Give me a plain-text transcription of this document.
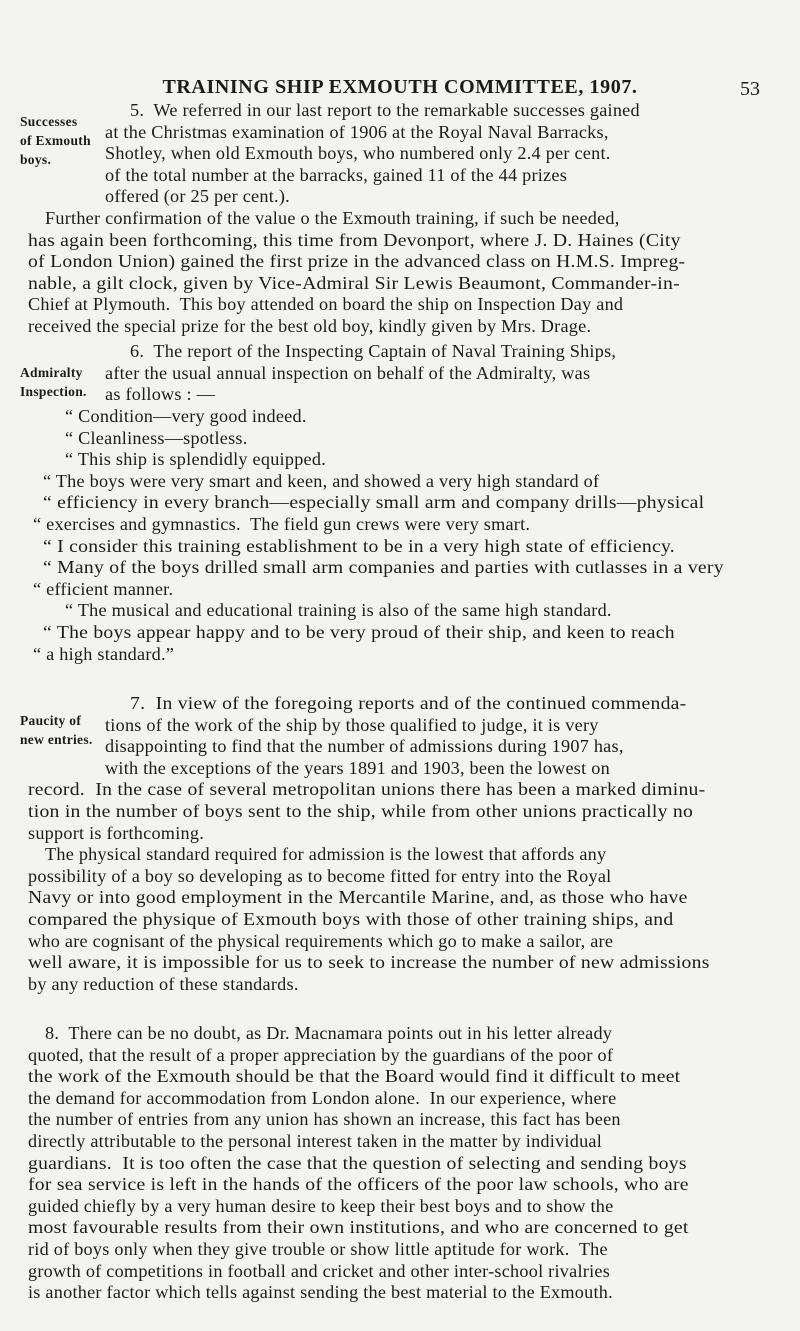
TRAINING SHIP EXMOUTH COMMITTEE, 1907.	53
5.  We referred in our last report to the remarkable successes gained
at the Christmas examination of 1906 at the Royal Naval Barracks,
Shotley, when old Exmouth boys, who numbered only 2.4 per cent.
of the total number at the barracks, gained 11 of the 44 prizes
offered (or 25 per cent.).
Further confirmation of the value o the Exmouth training, if such be needed,
has again been forthcoming, this time from Devonport, where J. D. Haines (City
of London Union) gained the first prize in the advanced class on H.M.S. Impreg-
nable, a gilt clock, given by Vice-Admiral Sir Lewis Beaumont, Commander-in-
Chief at Plymouth.  This boy attended on board the ship on Inspection Day and
received the special prize for the best old boy, kindly given by Mrs. Drage.
Successes
of Exmouth
boys.
6.  The report of the Inspecting Captain of Naval Training Ships,
after the usual annual inspection on behalf of the Admiralty, was
as follows : —
Admiralty
Inspection.
“ Condition—very good indeed.
“ Cleanliness—spotless.
“ This ship is splendidly equipped.
“ The boys were very smart and keen, and showed a very high standard of
“ efficiency in every branch—especially small arm and company drills—physical
“ exercises and gymnastics.  The field gun crews were very smart.
“ I consider this training establishment to be in a very high state of efficiency.
“ Many of the boys drilled small arm companies and parties with cutlasses in a very
“ efficient manner.
“ The musical and educational training is also of the same high standard.
“ The boys appear happy and to be very proud of their ship, and keen to reach
“ a high standard.”
7.  In view of the foregoing reports and of the continued commenda-
tions of the work of the ship by those qualified to judge, it is very
disappointing to find that the number of admissions during 1907 has,
with the exceptions of the years 1891 and 1903, been the lowest on
record.  In the case of several metropolitan unions there has been a marked diminu-
tion in the number of boys sent to the ship, while from other unions practically no
support is forthcoming.
The physical standard required for admission is the lowest that affords any
possibility of a boy so developing as to become fitted for entry into the Royal
Navy or into good employment in the Mercantile Marine, and, as those who have
compared the physique of Exmouth boys with those of other training ships, and
who are cognisant of the physical requirements which go to make a sailor, are
well aware, it is impossible for us to seek to increase the number of new admissions
by any reduction of these standards.
Paucity of
new entries.
8.  There can be no doubt, as Dr. Macnamara points out in his letter already
quoted, that the result of a proper appreciation by the guardians of the poor of
the work of the Exmouth should be that the Board would find it difficult to meet
the demand for accommodation from London alone.  In our experience, where
the number of entries from any union has shown an increase, this fact has been
directly attributable to the personal interest taken in the matter by individual
guardians.  It is too often the case that the question of selecting and sending boys
for sea service is left in the hands of the officers of the poor law schools, who are
guided chiefly by a very human desire to keep their best boys and to show the
most favourable results from their own institutions, and who are concerned to get
rid of boys only when they give trouble or show little aptitude for work.  The
growth of competitions in football and cricket and other inter-school rivalries
is another factor which tells against sending the best material to the Exmouth.
